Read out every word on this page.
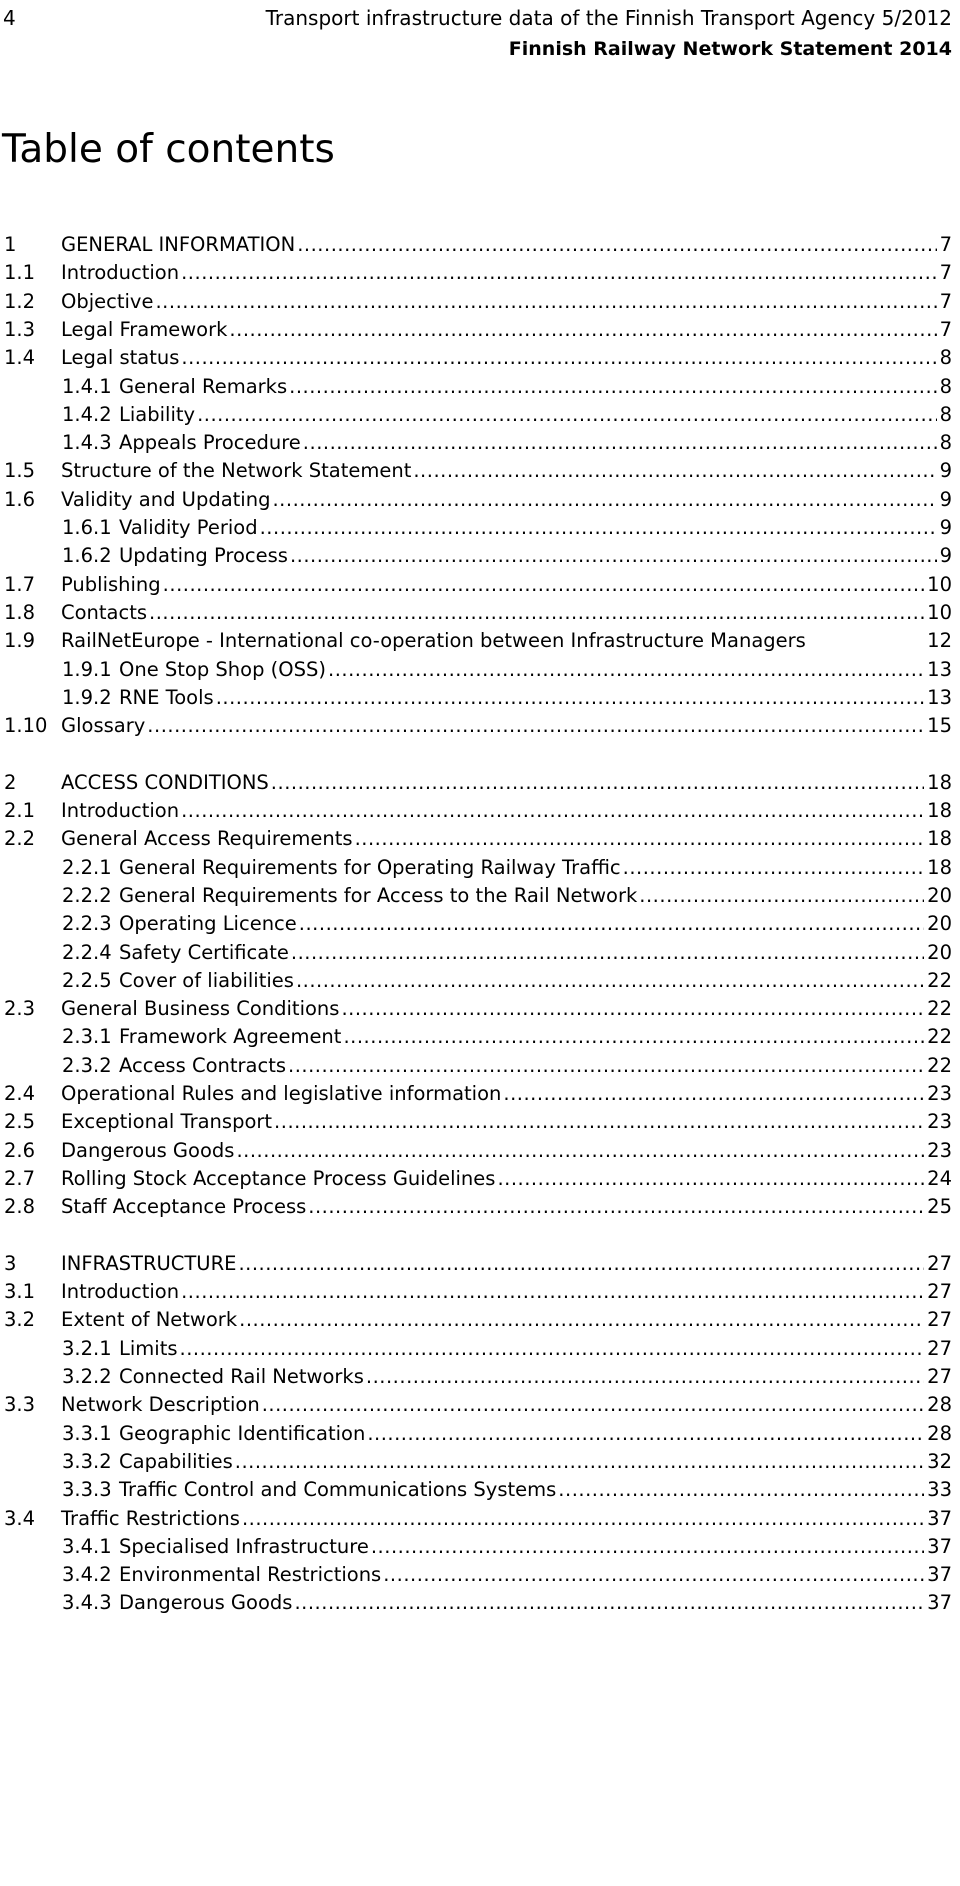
4	Transport infrastructure data of the Finnish Transport Agency 5/2012
Finnish Railway Network Statement 2014
Table of contents
1	GENERAL INFORMATION .....	7
1.1	Introduction .....	7
1.2	Objective .....	7
1.3	Legal Framework .....	7
1.4	Legal status .....	8
1.4.1 General Remarks .....	8
1.4.2 Liability .....	8
1.4.3 Appeals Procedure .....	8
1.5	Structure of the Network Statement .....	9
1.6	Validity and Updating .....	9
1.6.1 Validity Period .....	9
1.6.2 Updating Process .....	9
1.7	Publishing .....	10
1.8	Contacts .....	10
1.9	RailNetEurope - International co-operation between Infrastructure Managers	12
1.9.1 One Stop Shop (OSS) .....	13
1.9.2 RNE Tools .....	13
1.10 Glossary .....	15
2	ACCESS CONDITIONS .....	18
2.1	Introduction .....	18
2.2	General Access Requirements .....	18
2.2.1 General Requirements for Operating Railway Traffic .....	18
2.2.2 General Requirements for Access to the Rail Network .....	20
2.2.3 Operating Licence .....	20
2.2.4 Safety Certificate .....	20
2.2.5 Cover of liabilities .....	22
2.3	General Business Conditions .....	22
2.3.1 Framework Agreement .....	22
2.3.2 Access Contracts .....	22
2.4	Operational Rules and legislative information .....	23
2.5	Exceptional Transport .....	23
2.6	Dangerous Goods .....	23
2.7	Rolling Stock Acceptance Process Guidelines .....	24
2.8	Staff Acceptance Process .....	25
3	INFRASTRUCTURE .....	27
3.1	Introduction .....	27
3.2	Extent of Network .....	27
3.2.1 Limits .....	27
3.2.2 Connected Rail Networks .....	27
3.3	Network Description .....	28
3.3.1 Geographic Identification .....	28
3.3.2 Capabilities .....	32
3.3.3 Traffic Control and Communications Systems .....	33
3.4	Traffic Restrictions .....	37
3.4.1 Specialised Infrastructure .....	37
3.4.2 Environmental Restrictions .....	37
3.4.3 Dangerous Goods .....	37
